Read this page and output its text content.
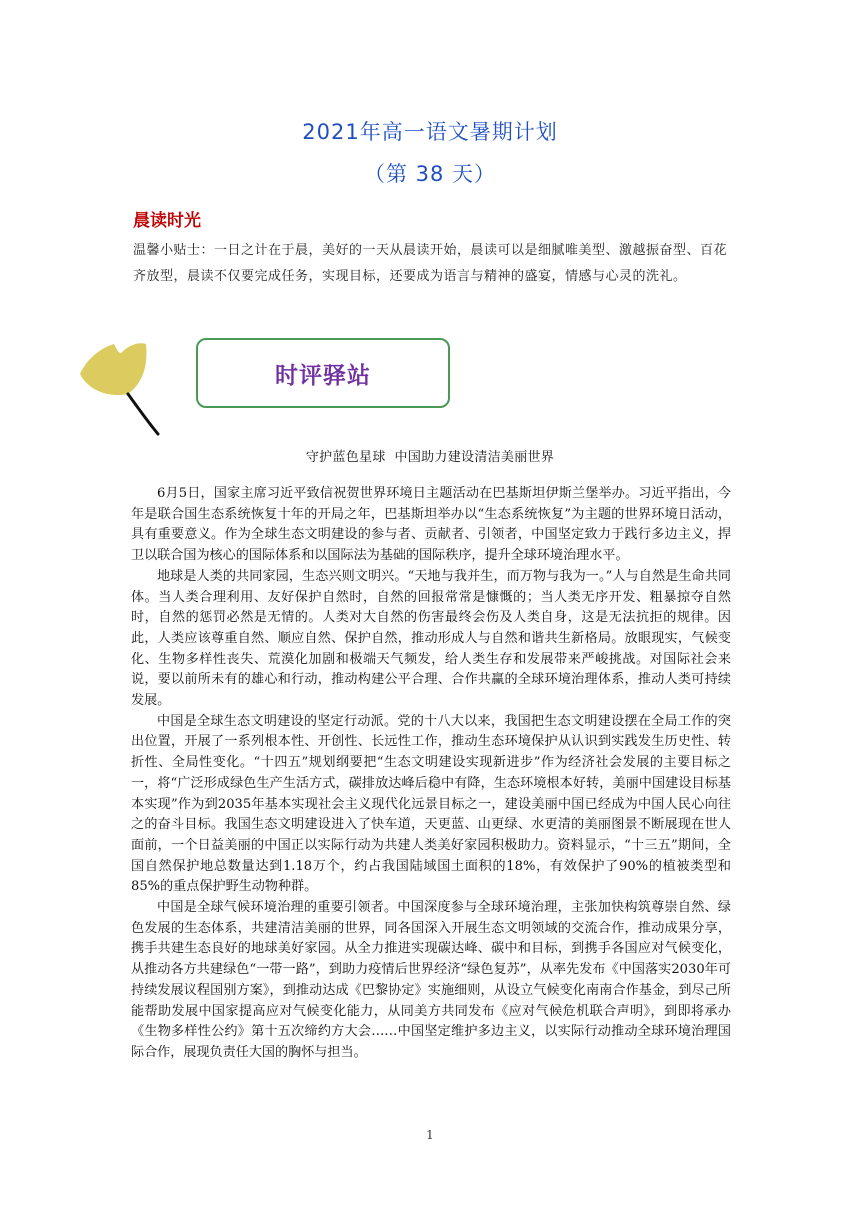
2021年高一语文暑期计划
（第 38 天）
晨读时光
温馨小贴士：一日之计在于晨，美好的一天从晨读开始，晨读可以是细腻唯美型、激越振奋型、百花齐放型，晨读不仅要完成任务，实现目标，还要成为语言与精神的盛宴，情感与心灵的洗礼。
时评驿站
守护蓝色星球  中国助力建设清洁美丽世界

6月5日，国家主席习近平致信祝贺世界环境日主题活动在巴基斯坦伊斯兰堡举办。习近平指出，今年是联合国生态系统恢复十年的开局之年，巴基斯坦举办以“生态系统恢复”为主题的世界环境日活动，具有重要意义。作为全球生态文明建设的参与者、贡献者、引领者，中国坚定致力于践行多边主义，捍卫以联合国为核心的国际体系和以国际法为基础的国际秩序，提升全球环境治理水平。

地球是人类的共同家园，生态兴则文明兴。“天地与我并生，而万物与我为一。”人与自然是生命共同体。当人类合理利用、友好保护自然时，自然的回报常常是慷慨的；当人类无序开发、粗暴掠夺自然时，自然的惩罚必然是无情的。人类对大自然的伤害最终会伤及人类自身，这是无法抗拒的规律。因此，人类应该尊重自然、顺应自然、保护自然，推动形成人与自然和谐共生新格局。放眼现实，气候变化、生物多样性丧失、荒漠化加剧和极端天气频发，给人类生存和发展带来严峻挑战。对国际社会来说，要以前所未有的雄心和行动，推动构建公平合理、合作共赢的全球环境治理体系，推动人类可持续发展。

中国是全球生态文明建设的坚定行动派。党的十八大以来，我国把生态文明建设摆在全局工作的突出位置，开展了一系列根本性、开创性、长远性工作，推动生态环境保护从认识到实践发生历史性、转折性、全局性变化。“十四五”规划纲要把“生态文明建设实现新进步”作为经济社会发展的主要目标之一，将“广泛形成绿色生产生活方式，碳排放达峰后稳中有降，生态环境根本好转，美丽中国建设目标基本实现”作为到2035年基本实现社会主义现代化远景目标之一，建设美丽中国已经成为中国人民心向往之的奋斗目标。我国生态文明建设进入了快车道，天更蓝、山更绿、水更清的美丽图景不断展现在世人面前，一个日益美丽的中国正以实际行动为共建人类美好家园积极助力。资料显示，“十三五”期间，全国自然保护地总数量达到1.18万个，约占我国陆域国土面积的18%，有效保护了90%的植被类型和85%的重点保护野生动物种群。

中国是全球气候环境治理的重要引领者。中国深度参与全球环境治理，主张加快构筑尊崇自然、绿色发展的生态体系，共建清洁美丽的世界，同各国深入开展生态文明领域的交流合作，推动成果分享，携手共建生态良好的地球美好家园。从全力推进实现碳达峰、碳中和目标，到携手各国应对气候变化，从推动各方共建绿色“一带一路”，到助力疫情后世界经济“绿色复苏”，从率先发布《中国落实2030年可持续发展议程国别方案》，到推动达成《巴黎协定》实施细则，从设立气候变化南南合作基金，到尽己所能帮助发展中国家提高应对气候变化能力，从同美方共同发布《应对气候危机联合声明》，到即将承办《生物多样性公约》第十五次缔约方大会……中国坚定维护多边主义，以实际行动推动全球环境治理国际合作，展现负责任大国的胸怀与担当。

1
